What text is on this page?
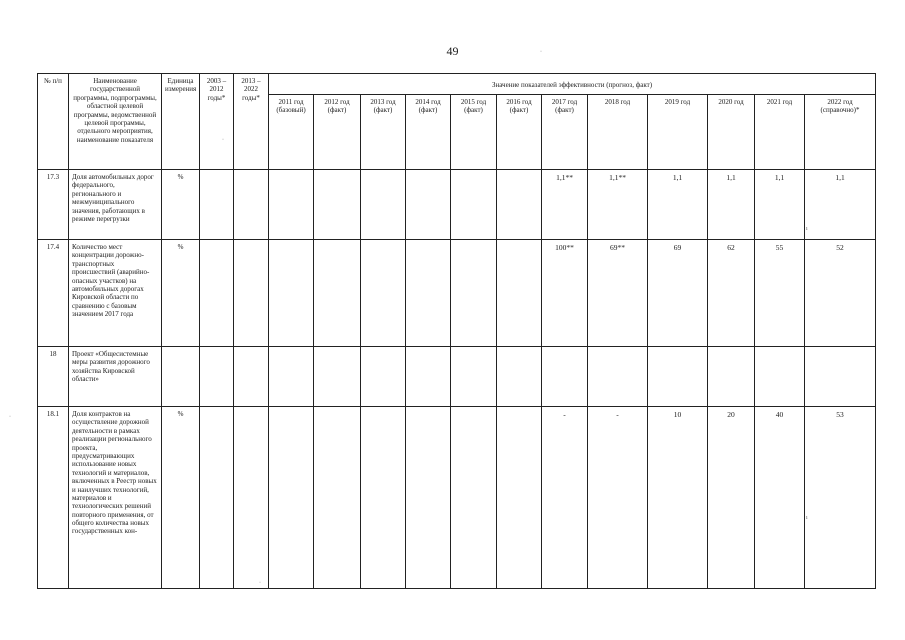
49
№ п/п	Наименование государственной программы, подпрограммы, областной целевой программы, ведомственной целевой программы, отдельного мероприятия, наименование показателя	Единица измерения	2003 – 2012 годы*	2013 – 2022 годы*	Значение показателей эффективности (прогноз, факт)											
					2011 год (базовый)	2012 год (факт)	2013 год (факт)	2014 год (факт)	2015 год (факт)	2016 год (факт)	2017 год (факт)	2018 год	2019 год	2020 год	2021 год	2022 год (справочно)*
17.3	Доля автомобильных дорог федерального, регионального и межмуниципального значения, работающих в режиме перегрузки	%									1,1**	1,1**	1,1	1,1	1,1	1,1
17.4	Количество мест концентрации дорожно-транспортных происшествий (аварийно-опасных участков) на автомобильных дорогах Кировской области по сравнению с базовым значением 2017 года	%									100**	69**	69	62	55	52
18	Проект «Общесистемные меры развития дорожного хозяйства Кировской области»															
18.1	Доля контрактов на осуществление дорожной деятельности в рамках реализации регионального проекта, предусматривающих использование новых технологий и материалов, включенных в Реестр новых и наилучших технологий, материалов и технологических решений повторного применения, от общего количества новых государственных кон-	%									-	-	10	20	40	53
·
·
ı
ı
·
·
